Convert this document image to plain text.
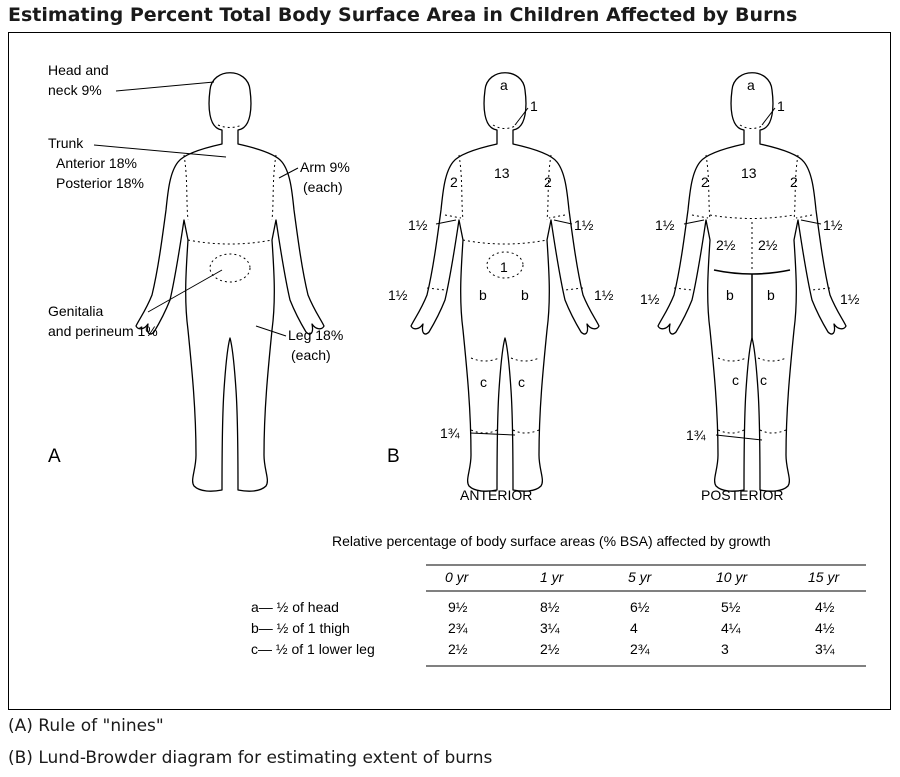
Estimating Percent Total Body Surface Area in Children Affected by Burns
Head and
neck 9%
Trunk
Anterior 18%
Posterior 18%
Arm 9%
(each)
Genitalia
and perineum 1%	Leg 18%
(each)
A
a
1
13
2	2
1½	1½
1
1½	1½
b b
c c
1¾
B
ANTERIOR
a
1
13
2	2
1½	1½
2½ 2½
1½	1½
b b
c c
1¾
POSTERIOR
Relative percentage of body surface areas (% BSA) affected by growth
0 yr	1 yr	5 yr	10 yr	15 yr
a— ½ of head	9½	8½	6½	5½	4½
b— ½ of 1 thigh	2¾	3¼	4	4¼	4½
c— ½ of 1 lower leg	2½	2½	2¾	3	3¼
(A) Rule of "nines"
(B) Lund-Browder diagram for estimating extent of burns
